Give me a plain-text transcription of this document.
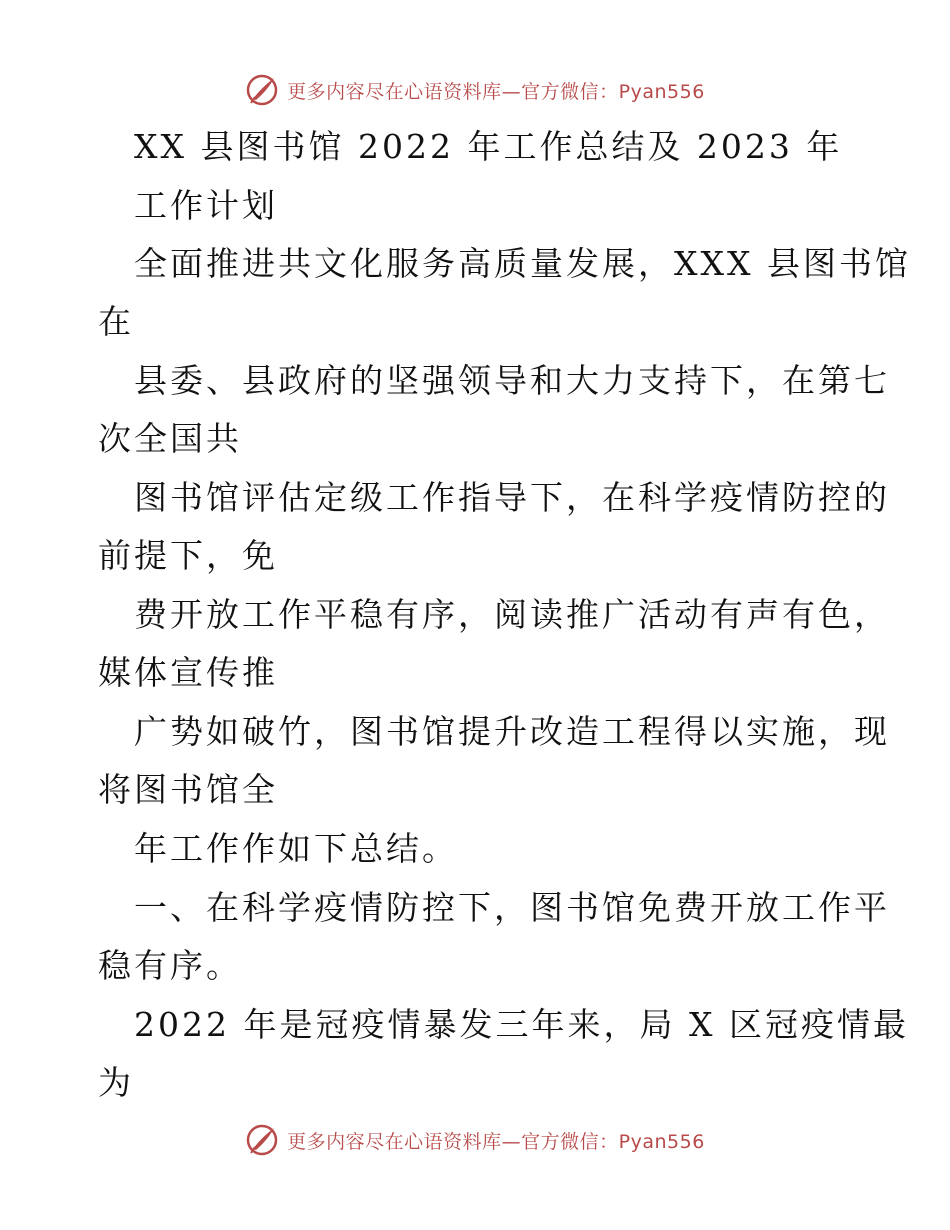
更多内容尽在心语资料库—官方微信：Pyan556
XX 县图书馆 2022 年工作总结及 2023 年
工作计划
全面推进共文化服务高质量发展，XXX 县图书馆
在
县委、县政府的坚强领导和大力支持下，在第七
次全国共
图书馆评估定级工作指导下，在科学疫情防控的
前提下，免
费开放工作平稳有序，阅读推广活动有声有色，
媒体宣传推
广势如破竹，图书馆提升改造工程得以实施，现
将图书馆全
年工作作如下总结。
一、在科学疫情防控下，图书馆免费开放工作平
稳有序。
2022 年是冠疫情暴发三年来，局 X 区冠疫情最
为
更多内容尽在心语资料库—官方微信：Pyan556
